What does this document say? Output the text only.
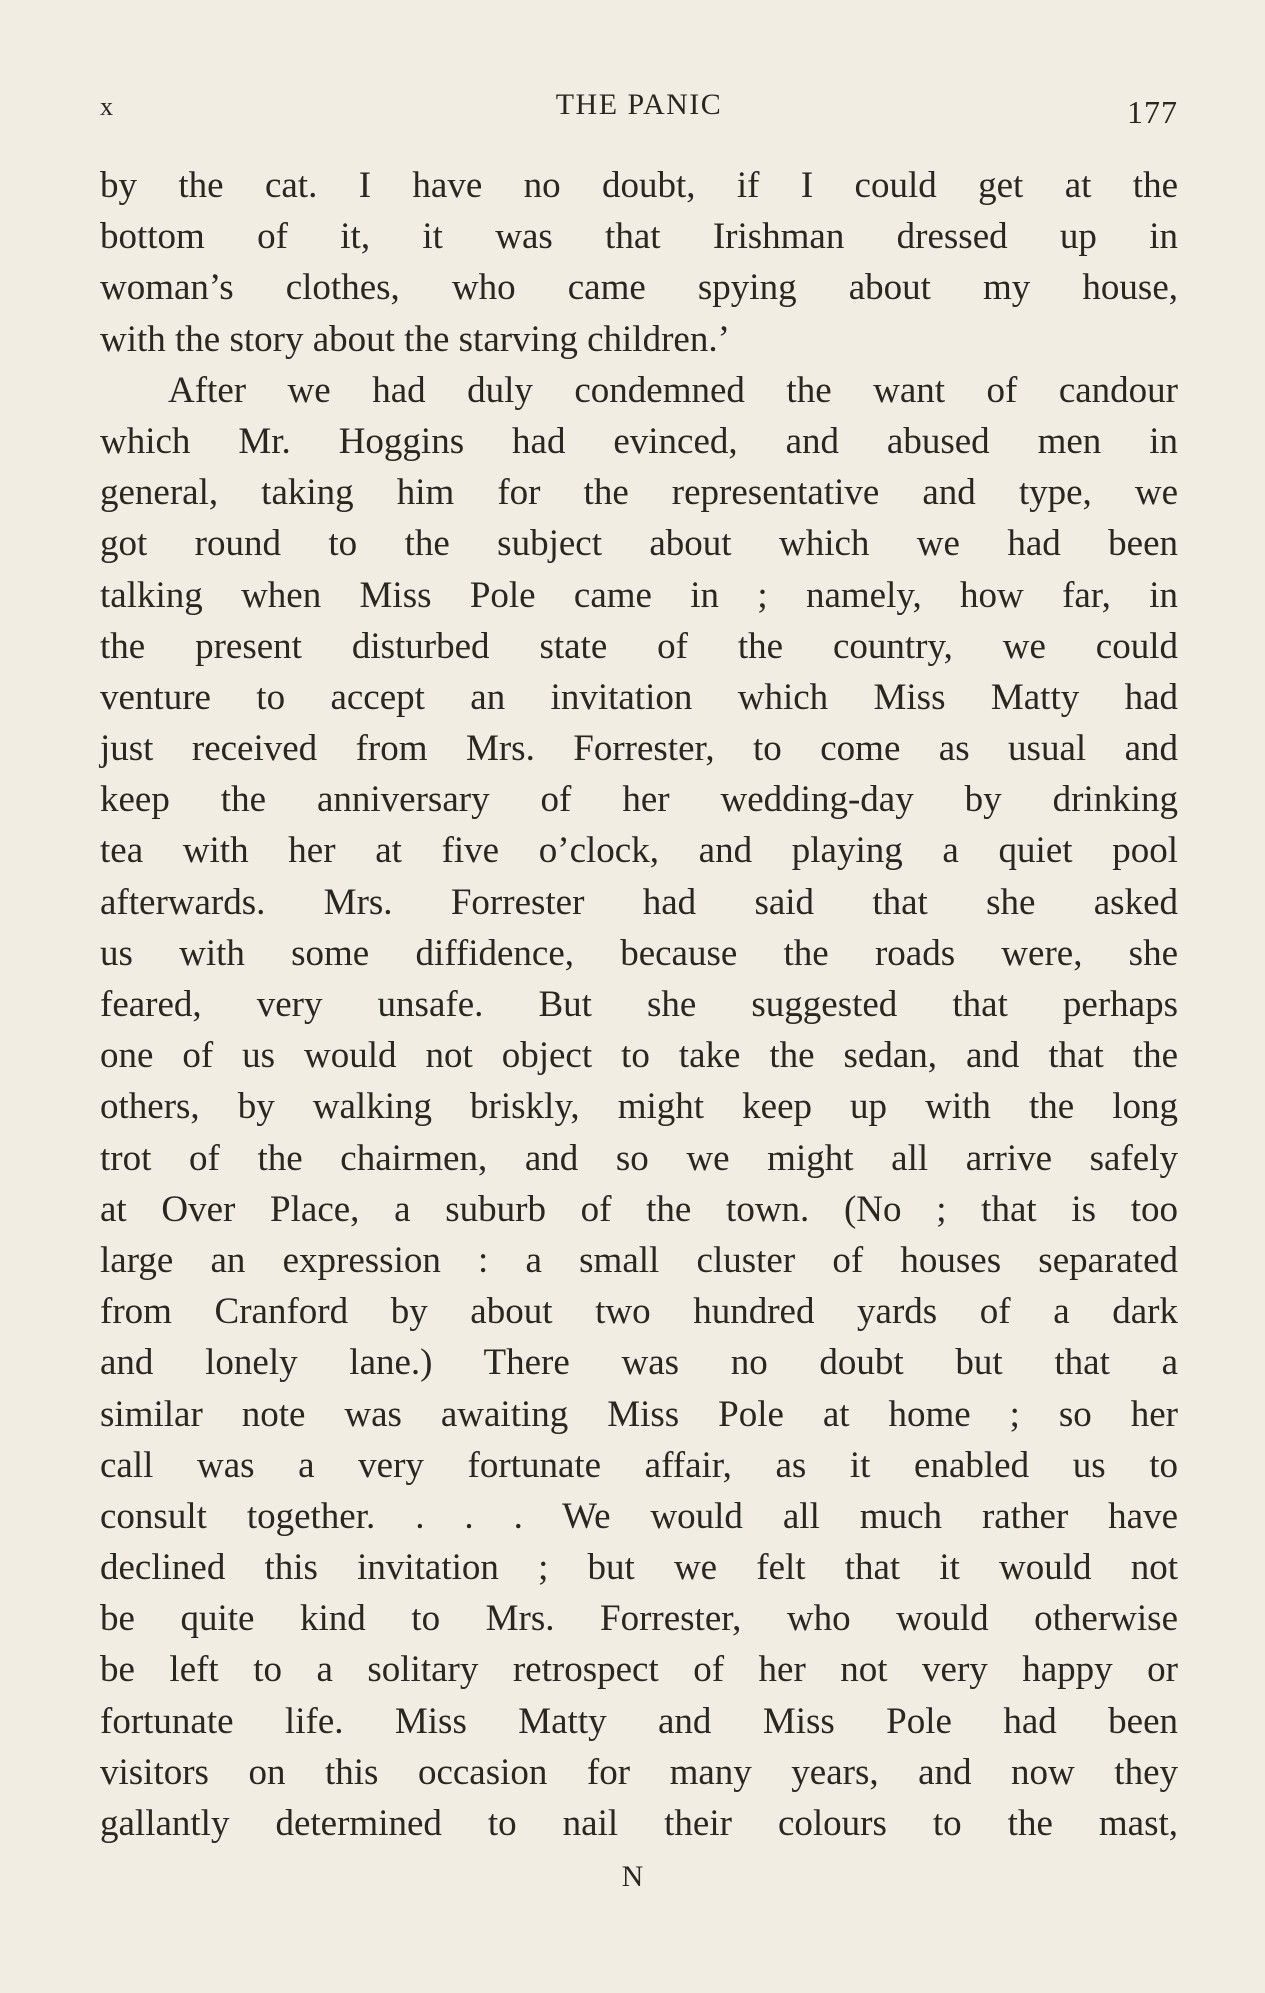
x	THE PANIC	177
by the cat. I have no doubt, if I could get at the
bottom of it, it was that Irishman dressed up in
woman’s clothes, who came spying about my house,
with the story about the starving children.’
After we had duly condemned the want of candour
which Mr. Hoggins had evinced, and abused men in
general, taking him for the representative and type, we
got round to the subject about which we had been
talking when Miss Pole came in ; namely, how far, in
the present disturbed state of the country, we could
venture to accept an invitation which Miss Matty had
just received from Mrs. Forrester, to come as usual and
keep the anniversary of her wedding-day by drinking
tea with her at five o’clock, and playing a quiet pool
afterwards. Mrs. Forrester had said that she asked
us with some diffidence, because the roads were, she
feared, very unsafe. But she suggested that perhaps
one of us would not object to take the sedan, and that the
others, by walking briskly, might keep up with the long
trot of the chairmen, and so we might all arrive safely
at Over Place, a suburb of the town. (No ; that is too
large an expression : a small cluster of houses separated
from Cranford by about two hundred yards of a dark
and lonely lane.) There was no doubt but that a
similar note was awaiting Miss Pole at home ; so her
call was a very fortunate affair, as it enabled us to
consult together. . . . We would all much rather have
declined this invitation ; but we felt that it would not
be quite kind to Mrs. Forrester, who would otherwise
be left to a solitary retrospect of her not very happy or
fortunate life. Miss Matty and Miss Pole had been
visitors on this occasion for many years, and now they
gallantly determined to nail their colours to the mast,
N
